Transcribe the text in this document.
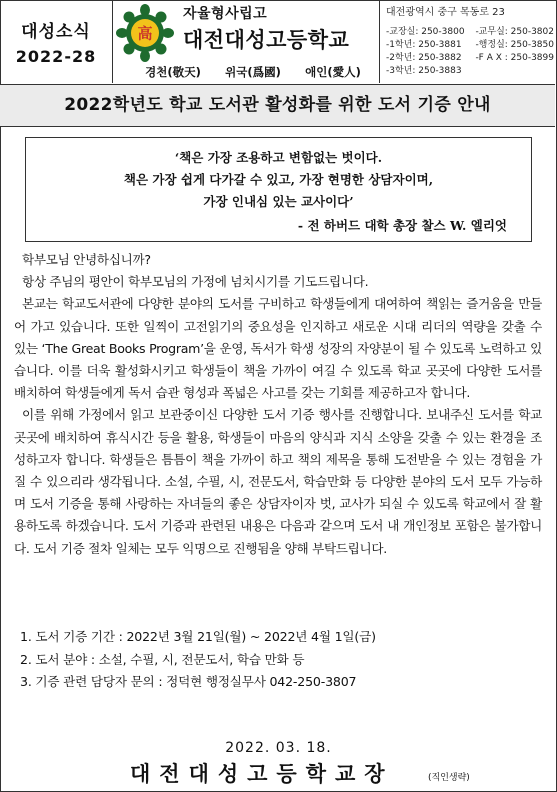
대성소식
2022-28
高
자율형사립고
대전대성고등학교
경천(敬天) 위국(爲國) 애인(愛人)
대전광역시 중구 목동로 23
-교장실: 250-3800 -교무실: 250-3802
-1학년: 250-3881 -행정실: 250-3850
-2학년: 250-3882 -F A X : 250-3899
-3학년: 250-3883
2022학년도 학교 도서관 활성화를 위한 도서 기증 안내
‘책은 가장 조용하고 변함없는 벗이다.
책은 가장 쉽게 다가갈 수 있고, 가장 현명한 상담자이며,
가장 인내심 있는 교사이다’
- 전 하버드 대학 총장 찰스 W. 엘리엇

학부모님 안녕하십니까?

항상 주님의 평안이 학부모님의 가정에 넘치시기를 기도드립니다.

본교는 학교도서관에 다양한 분야의 도서를 구비하고 학생들에게 대여하여 책읽는 즐거움을 만들어 가고 있습니다. 또한 일찍이 고전읽기의 중요성을 인지하고 새로운 시대 리더의 역량을 갖출 수 있는 ‘The Great Books Program’을 운영, 독서가 학생 성장의 자양분이 될 수 있도록 노력하고 있습니다. 이를 더욱 활성화시키고 학생들이 책을 가까이 여길 수 있도록 학교 곳곳에 다양한 도서를 배치하여 학생들에게 독서 습관 형성과 폭넓은 사고를 갖는 기회를 제공하고자 합니다.

이를 위해 가정에서 읽고 보관중이신 다양한 도서 기증 행사를 진행합니다. 보내주신 도서를 학교 곳곳에 배치하여 휴식시간 등을 활용, 학생들이 마음의 양식과 지식 소양을 갖출 수 있는 환경을 조성하고자 합니다. 학생들은 틈틈이 책을 가까이 하고 책의 제목을 통해 도전받을 수 있는 경험을 가질 수 있으리라 생각됩니다. 소설, 수필, 시, 전문도서, 학습만화 등 다양한 분야의 도서 모두 가능하며 도서 기증을 통해 사랑하는 자녀들의 좋은 상담자이자 벗, 교사가 되실 수 있도록 학교에서 잘 활용하도록 하겠습니다. 도서 기증과 관련된 내용은 다음과 같으며 도서 내 개인정보 포함은 불가합니다. 도서 기증 절차 일체는 모두 익명으로 진행됨을 양해 부탁드립니다.

1. 도서 기증 기간 : 2022년 3월 21일(월) ~ 2022년 4월 1일(금)
2. 도서 분야 : 소설, 수필, 시, 전문도서, 학습 만화 등
3. 기증 관련 담당자 문의 : 정덕현 행정실무사 042-250-3807
2022. 03. 18.
대전대성고등학교장	(직인생략)
